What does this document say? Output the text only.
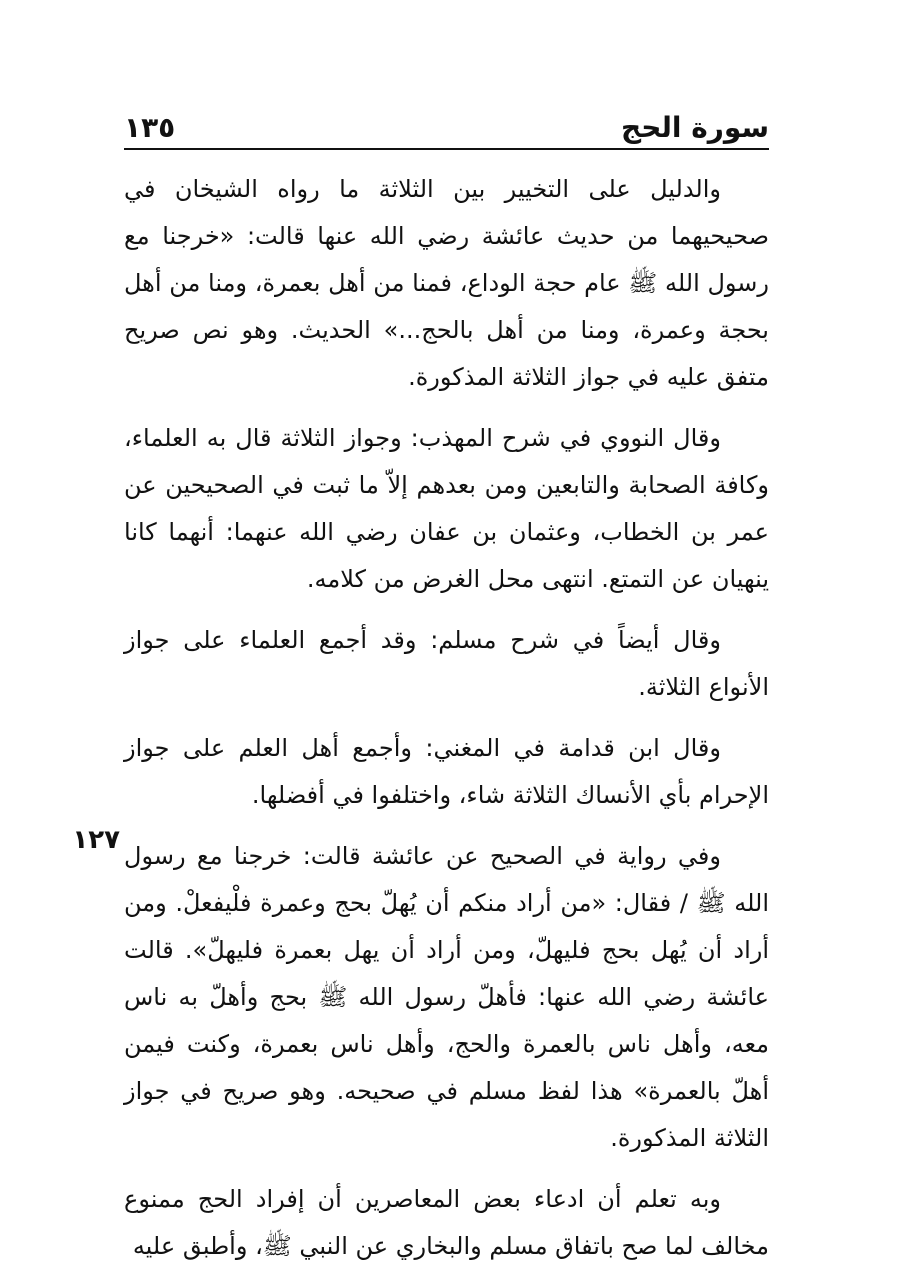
سورة الحج
١٣٥
١٢٧

والدليل على التخيير بين الثلاثة ما رواه الشيخان في صحيحيهما من حديث عائشة رضي الله عنها قالت: «خرجنا مع رسول الله ﷺ عام حجة الوداع، فمنا من أهل بعمرة، ومنا من أهل بحجة وعمرة، ومنا من أهل بالحج...» الحديث. وهو نص صريح متفق عليه في جواز الثلاثة المذكورة.

وقال النووي في شرح المهذب: وجواز الثلاثة قال به العلماء، وكافة الصحابة والتابعين ومن بعدهم إلاّ ما ثبت في الصحيحين عن عمر بن الخطاب، وعثمان بن عفان رضي الله عنهما: أنهما كانا ينهيان عن التمتع. انتهى محل الغرض من كلامه.

وقال أيضاً في شرح مسلم: وقد أجمع العلماء على جواز الأنواع الثلاثة.

وقال ابن قدامة في المغني: وأجمع أهل العلم على جواز الإحرام بأي الأنساك الثلاثة شاء، واختلفوا في أفضلها.

وفي رواية في الصحيح عن عائشة قالت: خرجنا مع رسول الله ﷺ / فقال: «من أراد منكم أن يُهلّ بحج وعمرة فلْيفعلْ. ومن أراد أن يُهل بحج فليهلّ، ومن أراد أن يهل بعمرة فليهلّ». قالت عائشة رضي الله عنها: فأهلّ رسول الله ﷺ بحج وأهلّ به ناس معه، وأهل ناس بالعمرة والحج، وأهل ناس بعمرة، وكنت فيمن أهلّ بالعمرة» هذا لفظ مسلم في صحيحه. وهو صريح في جواز الثلاثة المذكورة.

وبه تعلم أن ادعاء بعض المعاصرين أن إفراد الحج ممنوع مخالف لما صح باتفاق مسلم والبخاري عن النبي ﷺ، وأطبق عليه
